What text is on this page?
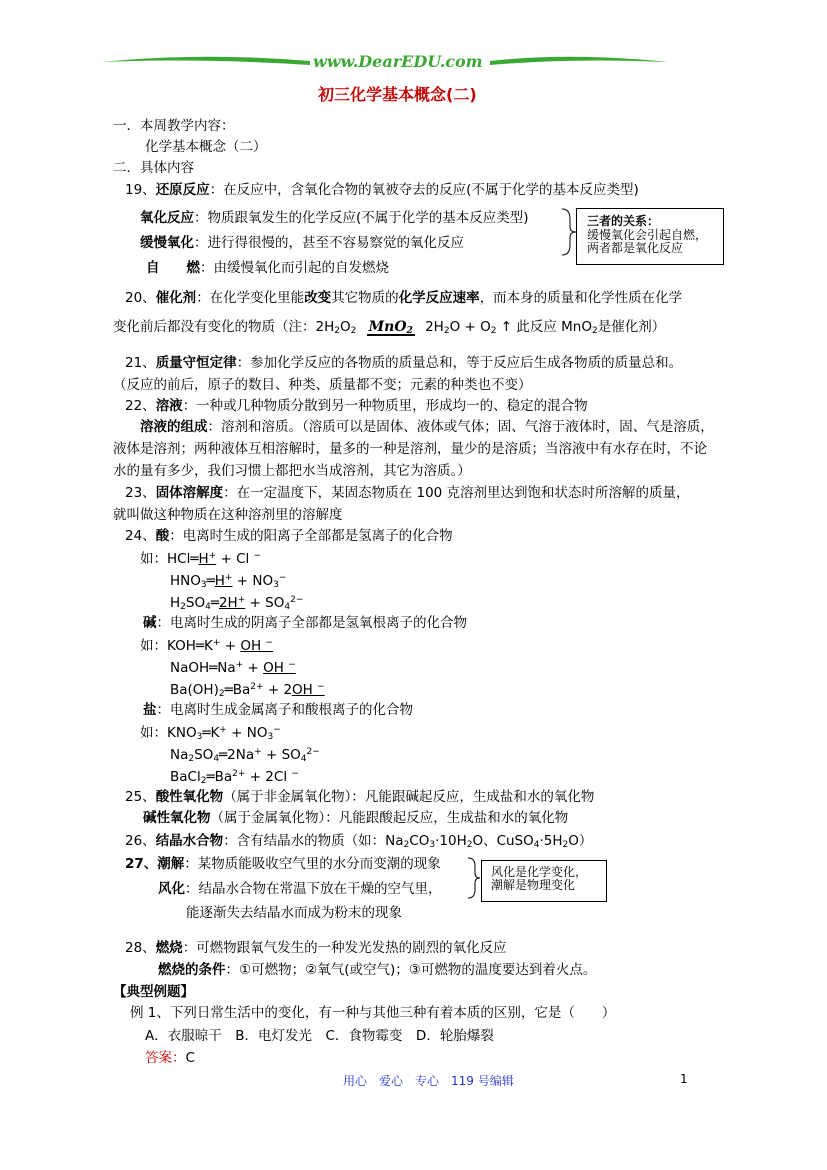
www.DearEDU.com
初三化学基本概念(二)
一．本周教学内容：
化学基本概念（二）
二．具体内容
19、还原反应：在反应中，含氧化合物的氧被夺去的反应(不属于化学的基本反应类型)
氧化反应：物质跟氧发生的化学反应(不属于化学的基本反应类型)
缓慢氧化：进行得很慢的，甚至不容易察觉的氧化反应
自　　燃：由缓慢氧化而引起的自发燃烧
三者的关系：
缓慢氧化会引起自燃，
两者都是氧化反应
20、催化剂：在化学变化里能改变其它物质的化学反应速率，而本身的质量和化学性质在化学
变化前后都没有变化的物质（注：$2H_2O_2$ MnO$_2$ $2H_2O + O_2$ ↑ 此反应 MnO$_2$是催化剂）
21、质量守恒定律：参加化学反应的各物质的质量总和，等于反应后生成各物质的质量总和。
（反应的前后，原子的数目、种类、质量都不变；元素的种类也不变）
22、溶液：一种或几种物质分散到另一种物质里，形成均一的、稳定的混合物
溶液的组成：溶剂和溶质。（溶质可以是固体、液体或气体；固、气溶于液体时，固、气是溶质，
液体是溶剂；两种液体互相溶解时，量多的一种是溶剂，量少的是溶质；当溶液中有水存在时，不论
水的量有多少，我们习惯上都把水当成溶剂，其它为溶质。）
23、固体溶解度：在一定温度下，某固态物质在 100 克溶剂里达到饱和状态时所溶解的质量，
就叫做这种物质在这种溶剂里的溶解度
24、酸：电离时生成的阳离子全部都是氢离子的化合物
如：HCl═H+ + Cl −
$HNO_3═H^+ + NO_3^-$
$H_2SO_4═2H^+ + SO_4^{2-}$
碱：电离时生成的阴离子全部都是氢氧根离子的化合物
如：KOH═K+ + OH −
NaOH═Na+ + OH −
$Ba(OH)_2═Ba^{2+} + 2OH$ −
盐：电离时生成金属离子和酸根离子的化合物
如：$KNO_3═K^+ + NO_3^-$
$Na_2SO_4═2Na^+ + SO_4^{2-}$
$BaCl_2═Ba^{2+} + 2Cl$ −
25、酸性氧化物（属于非金属氧化物）：凡能跟碱起反应，生成盐和水的氧化物
碱性氧化物（属于金属氧化物）：凡能跟酸起反应，生成盐和水的氧化物
26、结晶水合物：含有结晶水的物质（如：$Na_2CO_3\cdot 10H_2O$、$CuSO_4\cdot 5H_2O$）
27、潮解：某物质能吸收空气里的水分而变潮的现象
风化：结晶水合物在常温下放在干燥的空气里，
能逐渐失去结晶水而成为粉末的现象
风化是化学变化，
潮解是物理变化
28、燃烧：可燃物跟氧气发生的一种发光发热的剧烈的氧化反应
燃烧的条件：①可燃物；②氧气(或空气)；③可燃物的温度要达到着火点。
【典型例题】
例 1、下列日常生活中的变化，有一种与其他三种有着本质的区别，它是（　　）
A．衣服晾干　B．电灯发光　C．食物霉变　D．轮胎爆裂
答案：C
用心　爱心　专心　119 号编辑	1
